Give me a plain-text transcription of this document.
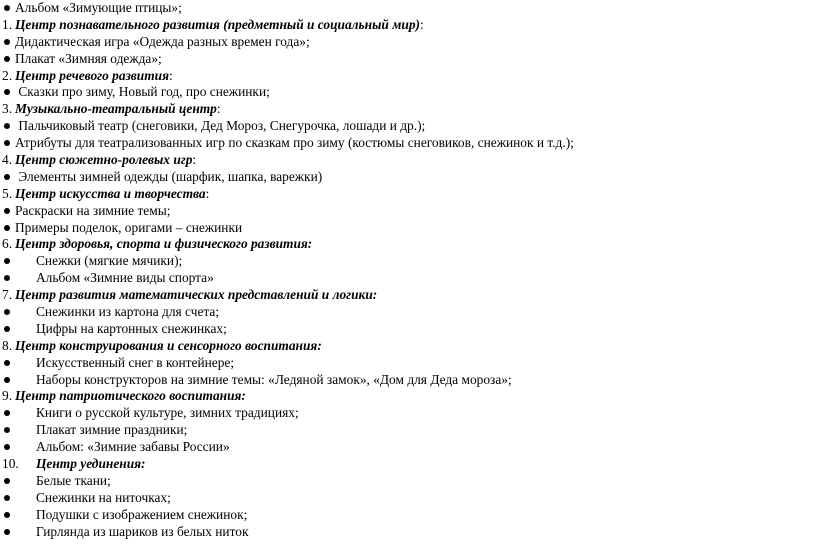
Альбом «Зимующие птицы»;
1. Центр познавательного развития (предметный и социальный мир):
Дидактическая игра «Одежда разных времен года»;
Плакат «Зимняя одежда»;
2. Центр речевого развития:
Сказки про зиму, Новый год, про снежинки;
3. Музыкально-театральный центр:
Пальчиковый театр (снеговики, Дед Мороз, Снегурочка, лошади и др.);
Атрибуты для театрализованных игр по сказкам про зиму (костюмы снеговиков, снежинок и т.д.);
4. Центр сюжетно-ролевых игр:
Элементы зимней одежды (шарфик, шапка, варежки)
5. Центр искусства и творчества:
Раскраски на зимние темы;
Примеры поделок, оригами – снежинки
6. Центр здоровья, спорта и физического развития:
Снежки (мягкие мячики);
Альбом «Зимние виды спорта»
7. Центр развития математических представлений и логики:
Снежинки из картона для счета;
Цифры на картонных снежинках;
8. Центр конструирования и сенсорного воспитания:
Искусственный снег в контейнере;
Наборы конструкторов на зимние темы: «Ледяной замок», «Дом для Деда мороза»;
9. Центр патриотического воспитания:
Книги о русской культуре, зимних традициях;
Плакат зимние праздники;
Альбом: «Зимние забавы России»
10. Центр уединения:
Белые ткани;
Снежинки на ниточках;
Подушки с изображением снежинок;
Гирлянда из шариков из белых ниток
